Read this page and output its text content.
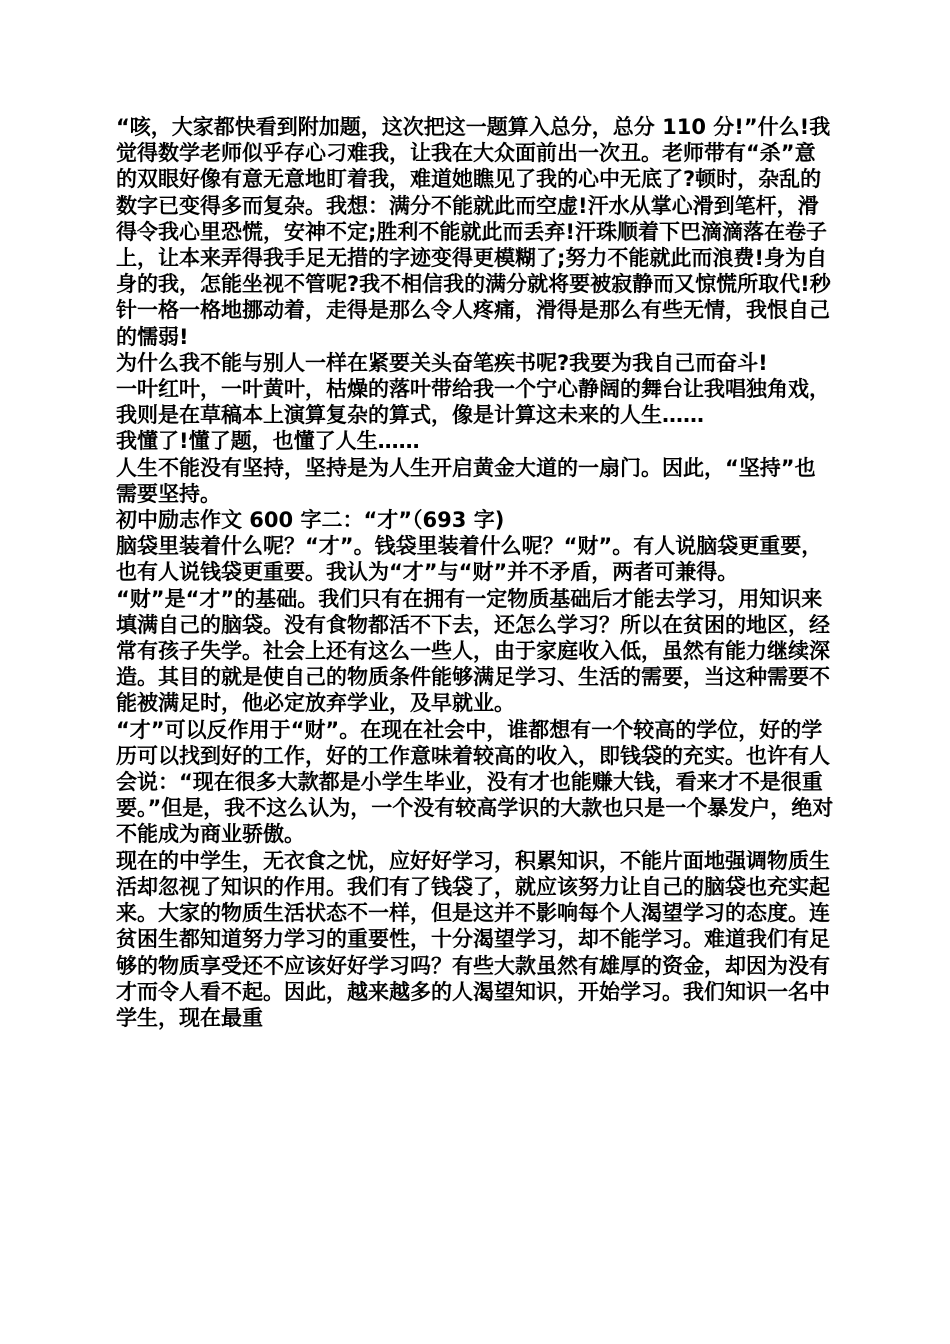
“咳，大家都快看到附加题，这次把这一题算入总分，总分 110 分!”什么!我觉得数学老师似乎存心刁难我，让我在大众面前出一次丑。老师带有“杀”意的双眼好像有意无意地盯着我，难道她瞧见了我的心中无底了?顿时，杂乱的数字已变得多而复杂。我想：满分不能就此而空虚!汗水从掌心滑到笔杆，滑得令我心里恐慌，安神不定;胜利不能就此而丢弃!汗珠顺着下巴滴滴落在卷子上，让本来弄得我手足无措的字迹变得更模糊了;努力不能就此而浪费!身为自身的我，怎能坐视不管呢?我不相信我的满分就将要被寂静而又惊慌所取代!秒针一格一格地挪动着，走得是那么令人疼痛，滑得是那么有些无情，我恨自己的懦弱!

为什么我不能与别人一样在紧要关头奋笔疾书呢?我要为我自己而奋斗!

一叶红叶，一叶黄叶，枯燥的落叶带给我一个宁心静阔的舞台让我唱独角戏，我则是在草稿本上演算复杂的算式，像是计算这未来的人生……

我懂了!懂了题，也懂了人生……

人生不能没有坚持，坚持是为人生开启黄金大道的一扇门。因此，“坚持”也需要坚持。

初中励志作文 600 字二：“才”（693 字)

脑袋里装着什么呢？“才”。钱袋里装着什么呢？“财”。有人说脑袋更重要，也有人说钱袋更重要。我认为“才”与“财”并不矛盾，两者可兼得。

“财”是“才”的基础。我们只有在拥有一定物质基础后才能去学习，用知识来填满自己的脑袋。没有食物都活不下去，还怎么学习？所以在贫困的地区，经常有孩子失学。社会上还有这么一些人，由于家庭收入低，虽然有能力继续深造。其目的就是使自己的物质条件能够满足学习、生活的需要，当这种需要不能被满足时，他必定放弃学业，及早就业。

“才”可以反作用于“财”。在现在社会中，谁都想有一个较高的学位，好的学历可以找到好的工作，好的工作意味着较高的收入，即钱袋的充实。也许有人会说：“现在很多大款都是小学生毕业，没有才也能赚大钱，看来才不是很重要。”但是，我不这么认为，一个没有较高学识的大款也只是一个暴发户，绝对不能成为商业骄傲。

现在的中学生，无衣食之忧，应好好学习，积累知识，不能片面地强调物质生活却忽视了知识的作用。我们有了钱袋了，就应该努力让自己的脑袋也充实起来。大家的物质生活状态不一样，但是这并不影响每个人渴望学习的态度。连贫困生都知道努力学习的重要性，十分渴望学习，却不能学习。难道我们有足够的物质享受还不应该好好学习吗？有些大款虽然有雄厚的资金，却因为没有才而令人看不起。因此，越来越多的人渴望知识，开始学习。我们知识一名中学生，现在最重
